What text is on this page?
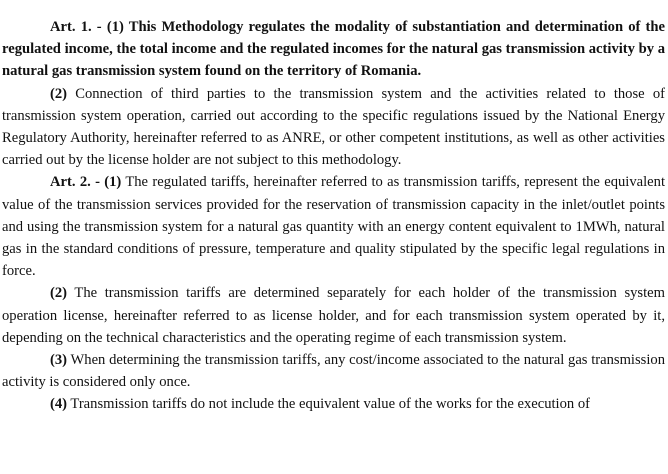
Art. 1. - (1) This Methodology regulates the modality of substantiation and determination of the regulated income, the total income and the regulated incomes for the natural gas transmission activity by a natural gas transmission system found on the territory of Romania.

(2) Connection of third parties to the transmission system and the activities related to those of transmission system operation, carried out according to the specific regulations issued by the National Energy Regulatory Authority, hereinafter referred to as ANRE, or other competent institutions, as well as other activities carried out by the license holder are not subject to this methodology.

Art. 2. - (1) The regulated tariffs, hereinafter referred to as transmission tariffs, represent the equivalent value of the transmission services provided for the reservation of transmission capacity in the inlet/outlet points and using the transmission system for a natural gas quantity with an energy content equivalent to 1MWh, natural gas in the standard conditions of pressure, temperature and quality stipulated by the specific legal regulations in force.

(2) The transmission tariffs are determined separately for each holder of the transmission system operation license, hereinafter referred to as license holder, and for each transmission system operated by it, depending on the technical characteristics and the operating regime of each transmission system.

(3) When determining the transmission tariffs, any cost/income associated to the natural gas transmission activity is considered only once.

(4) Transmission tariffs do not include the equivalent value of the works for the execution of
